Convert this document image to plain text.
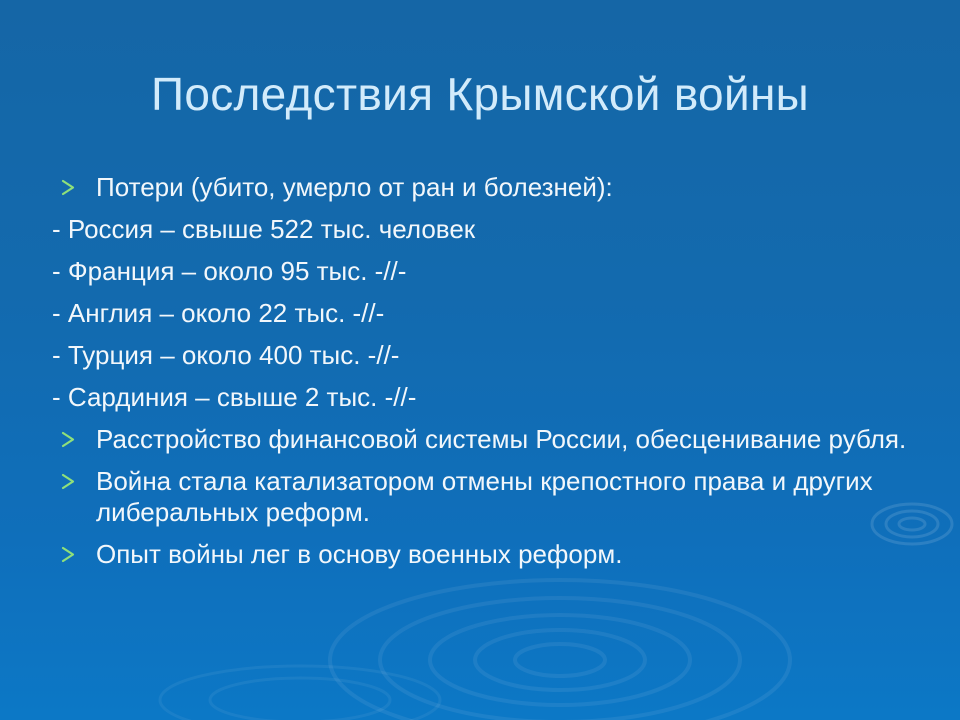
Последствия Крымской войны
Потери (убито, умерло от ран и болезней):
- Россия – свыше 522 тыс. человек
- Франция – около 95 тыс. -//-
- Англия – около 22 тыс. -//-
- Турция – около 400 тыс. -//-
- Сардиния – свыше 2 тыс. -//-
Расстройство финансовой системы России, обесценивание рубля.
Война стала катализатором отмены крепостного права и других либеральных реформ.
Опыт войны лег в основу военных реформ.
